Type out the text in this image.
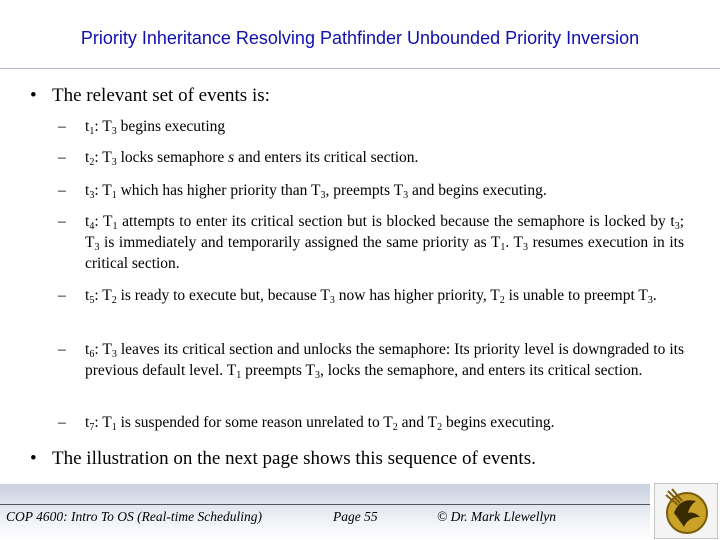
Priority Inheritance Resolving Pathfinder Unbounded Priority Inversion
• The relevant set of events is:
– $t_1$: $T_3$ begins executing
– $t_2$: $T_3$ locks semaphore s and enters its critical section.
– $t_3$: $T_1$ which has higher priority than $T_3$, preempts $T_3$ and begins executing.
– $t_4$: $T_1$ attempts to enter its critical section but is blocked because the semaphore is locked by $t_3$; $T_3$ is immediately and temporarily assigned the same priority as $T_1$. $T_3$ resumes execution in its critical section.
– $t_5$: $T_2$ is ready to execute but, because $T_3$ now has higher priority, $T_2$ is unable to preempt $T_3$.
– $t_6$: $T_3$ leaves its critical section and unlocks the semaphore: Its priority level is downgraded to its previous default level. $T_1$ preempts $T_3$, locks the semaphore, and enters its critical section.
– $t_7$: $T_1$ is suspended for some reason unrelated to $T_2$ and $T_2$ begins executing.
• The illustration on the next page shows this sequence of events.
COP 4600: Intro To OS (Real-time Scheduling)	Page 55	© Dr. Mark Llewellyn
